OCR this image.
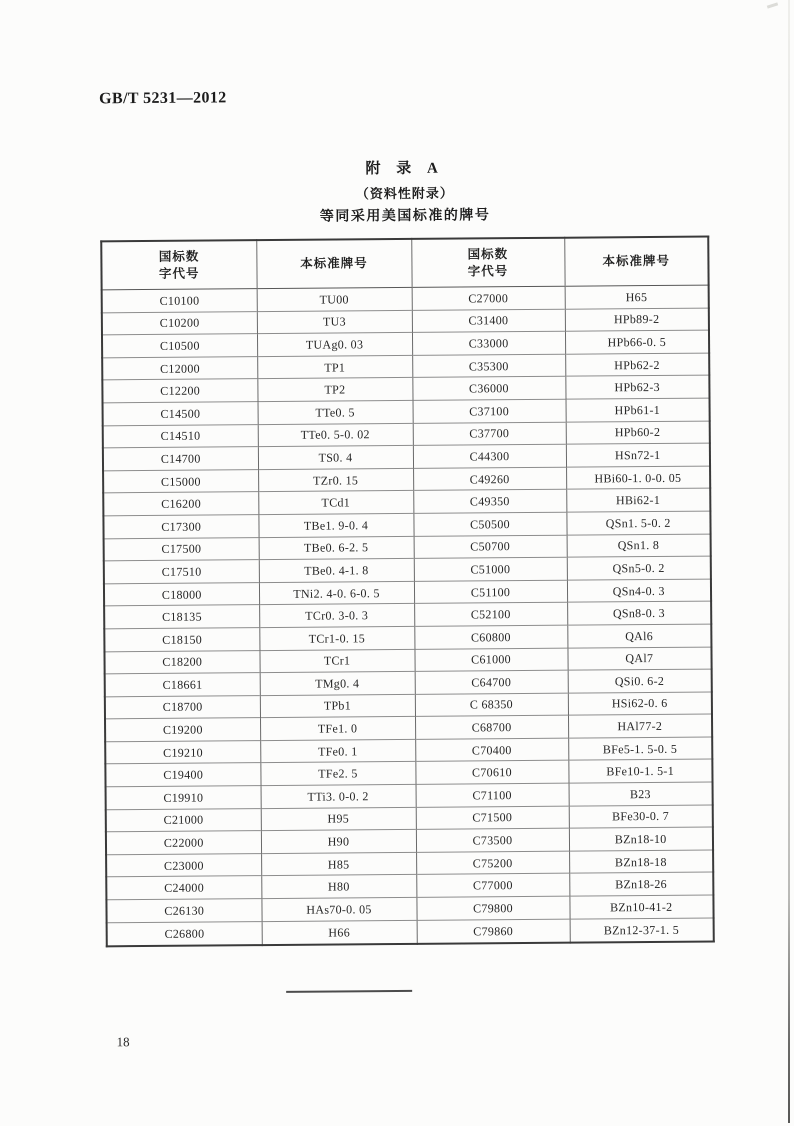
GB/T 5231—2012
附 录 A
（资料性附录）
等同采用美国标准的牌号
国标数
字代号

本标准牌号

国标数
字代号

本标准牌号

C10100	TU00	C27000	H65
C10200	TU3	C31400	HPb89-2
C10500	TUAg0. 03	C33000	HPb66-0. 5
C12000	TP1	C35300	HPb62-2
C12200	TP2	C36000	HPb62-3
C14500	TTe0. 5	C37100	HPb61-1
C14510	TTe0. 5-0. 02	C37700	HPb60-2
C14700	TS0. 4	C44300	HSn72-1
C15000	TZr0. 15	C49260	HBi60-1. 0-0. 05
C16200	TCd1	C49350	HBi62-1
C17300	TBe1. 9-0. 4	C50500	QSn1. 5-0. 2
C17500	TBe0. 6-2. 5	C50700	QSn1. 8
C17510	TBe0. 4-1. 8	C51000	QSn5-0. 2
C18000	TNi2. 4-0. 6-0. 5	C51100	QSn4-0. 3
C18135	TCr0. 3-0. 3	C52100	QSn8-0. 3
C18150	TCr1-0. 15	C60800	QAl6
C18200	TCr1	C61000	QAl7
C18661	TMg0. 4	C64700	QSi0. 6-2
C18700	TPb1	C 68350	HSi62-0. 6
C19200	TFe1. 0	C68700	HAl77-2
C19210	TFe0. 1	C70400	BFe5-1. 5-0. 5
C19400	TFe2. 5	C70610	BFe10-1. 5-1
C19910	TTi3. 0-0. 2	C71100	B23
C21000	H95	C71500	BFe30-0. 7
C22000	H90	C73500	BZn18-10
C23000	H85	C75200	BZn18-18
C24000	H80	C77000	BZn18-26
C26130	HAs70-0. 05	C79800	BZn10-41-2
C26800	H66	C79860	BZn12-37-1. 5
18
